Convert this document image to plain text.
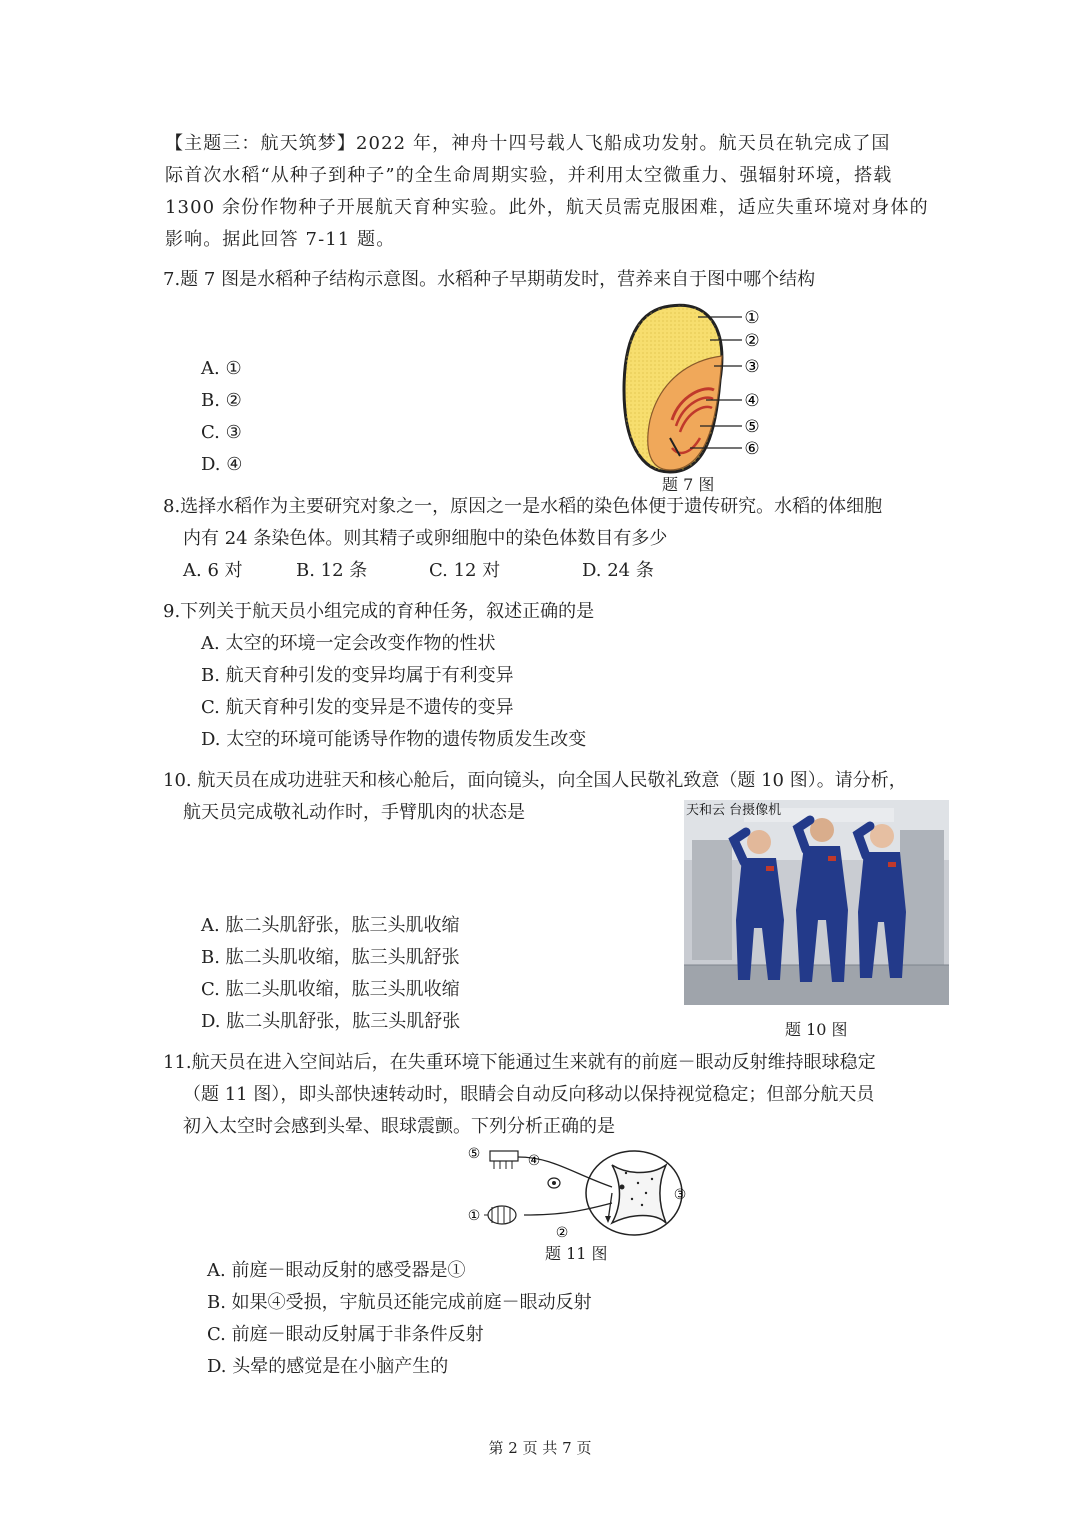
【主题三：航天筑梦】2022 年，神舟十四号载人飞船成功发射。航天员在轨完成了国
际首次水稻“从种子到种子”的全生命周期实验，并利用太空微重力、强辐射环境，搭载
1300 余份作物种子开展航天育种实验。此外，航天员需克服困难，适应失重环境对身体的
影响。据此回答 7-11 题。
7.题 7 图是水稻种子结构示意图。水稻种子早期萌发时，营养来自于图中哪个结构
A. ①
B. ②
C. ③
D. ④
①
②
③
④
⑤
⑥
题 7 图
8.选择水稻作为主要研究对象之一，原因之一是水稻的染色体便于遗传研究。水稻的体细胞
内有 24 条染色体。则其精子或卵细胞中的染色体数目有多少
A. 6 对	B. 12 条	C. 12 对	D. 24 条
9.下列关于航天员小组完成的育种任务，叙述正确的是
A. 太空的环境一定会改变作物的性状
B. 航天育种引发的变异均属于有利变异
C. 航天育种引发的变异是不遗传的变异
D. 太空的环境可能诱导作物的遗传物质发生改变
10. 航天员在成功进驻天和核心舱后，面向镜头，向全国人民敬礼致意（题 10 图）。请分析，
航天员完成敬礼动作时，手臂肌肉的状态是
A. 肱二头肌舒张，肱三头肌收缩
B. 肱二头肌收缩，肱三头肌舒张
C. 肱二头肌收缩，肱三头肌收缩
D. 肱二头肌舒张，肱三头肌舒张
天和云 台摄像机
题 10 图
11.航天员在进入空间站后，在失重环境下能通过生来就有的前庭－眼动反射维持眼球稳定
（题 11 图），即头部快速转动时，眼睛会自动反向移动以保持视觉稳定；但部分航天员
初入太空时会感到头晕、眼球震颤。下列分析正确的是
①
②
③
④
⑤
题 11 图
A. 前庭－眼动反射的感受器是①
B. 如果④受损，宇航员还能完成前庭－眼动反射
C. 前庭－眼动反射属于非条件反射
D. 头晕的感觉是在小脑产生的
第 2 页 共 7 页
